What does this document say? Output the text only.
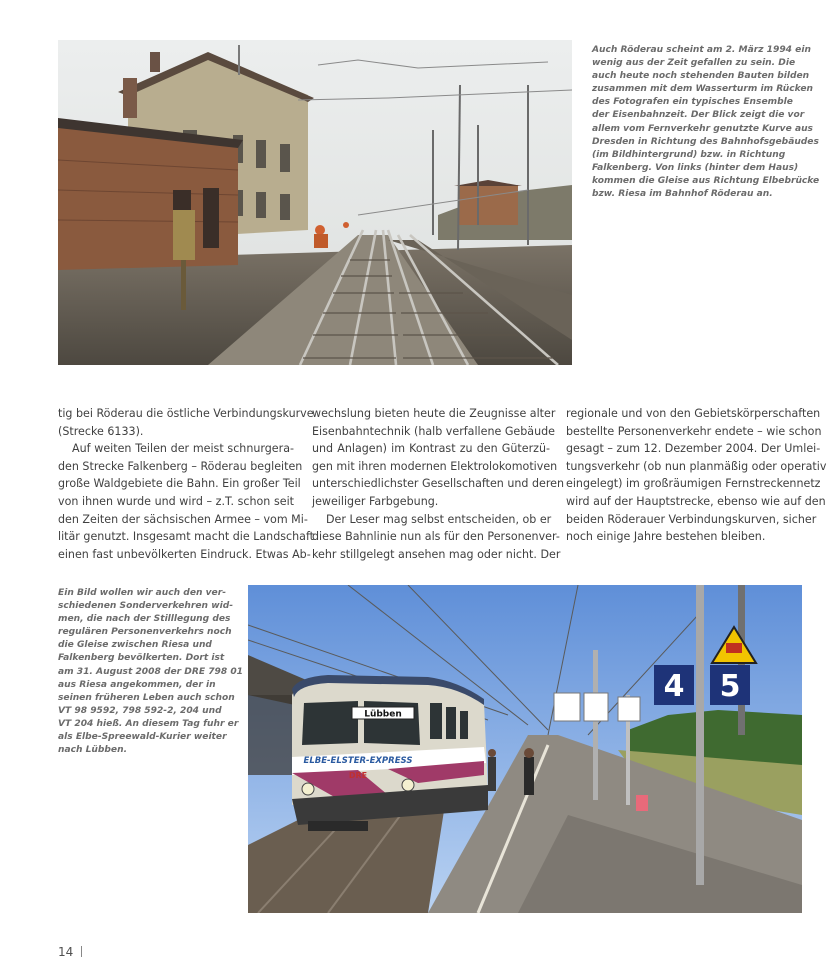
Auch Röderau scheint am 2. März 1994 ein
wenig aus der Zeit gefallen zu sein. Die
auch heute noch stehenden Bauten bilden
zusammen mit dem Wasserturm im Rücken
des Fotografen ein typisches Ensemble
der Eisenbahnzeit. Der Blick zeigt die vor
allem vom Fernverkehr genutzte Kurve aus
Dresden in Richtung des Bahnhofsgebäudes
(im Bildhintergrund) bzw. in Richtung
Falkenberg. Von links (hinter dem Haus)
kommen die Gleise aus Richtung Elbebrücke
bzw. Riesa im Bahnhof Röderau an.
tig bei Röderau die östliche Verbindungskurve
(Strecke 6133).
Auf weiten Teilen der meist schnurgera-
den Strecke Falkenberg – Röderau begleiten
große Waldgebiete die Bahn. Ein großer Teil
von ihnen wurde und wird – z.T. schon seit
den Zeiten der sächsischen Armee – vom Mi-
litär genutzt. Insgesamt macht die Landschaft
einen fast unbevölkerten Eindruck. Etwas Ab-
wechslung bieten heute die Zeugnisse alter
Eisenbahntechnik (halb verfallene Gebäude
und Anlagen) im Kontrast zu den Güterzü-
gen mit ihren modernen Elektrolokomotiven
unterschiedlichster Gesellschaften und deren
jeweiliger Farbgebung.
Der Leser mag selbst entscheiden, ob er
diese Bahnlinie nun als für den Personenver-
kehr stillgelegt ansehen mag oder nicht. Der
regionale und von den Gebietskörperschaften
bestellte Personenverkehr endete – wie schon
gesagt – zum 12. Dezember 2004. Der Umlei-
tungsverkehr (ob nun planmäßig oder operativ
eingelegt) im großräumigen Fernstreckennetz
wird auf der Hauptstrecke, ebenso wie auf den
beiden Röderauer Verbindungskurven, sicher
noch einige Jahre bestehen bleiben.
Ein Bild wollen wir auch den ver-
schiedenen Sonderverkehren wid-
men, die nach der Stilllegung des
regulären Personenverkehrs noch
die Gleise zwischen Riesa und
Falkenberg bevölkerten. Dort ist
am 31. August 2008 der DRE 798 01
aus Riesa angekommen, der in
seinen früheren Leben auch schon
VT 98 9592, 798 592-2, 204 und
VT 204 hieß. An diesem Tag fuhr er
als Elbe-Spreewald-Kurier weiter
nach Lübben.
4 5
Lübben
ELBE-ELSTER-EXPRESS
DRE
14
